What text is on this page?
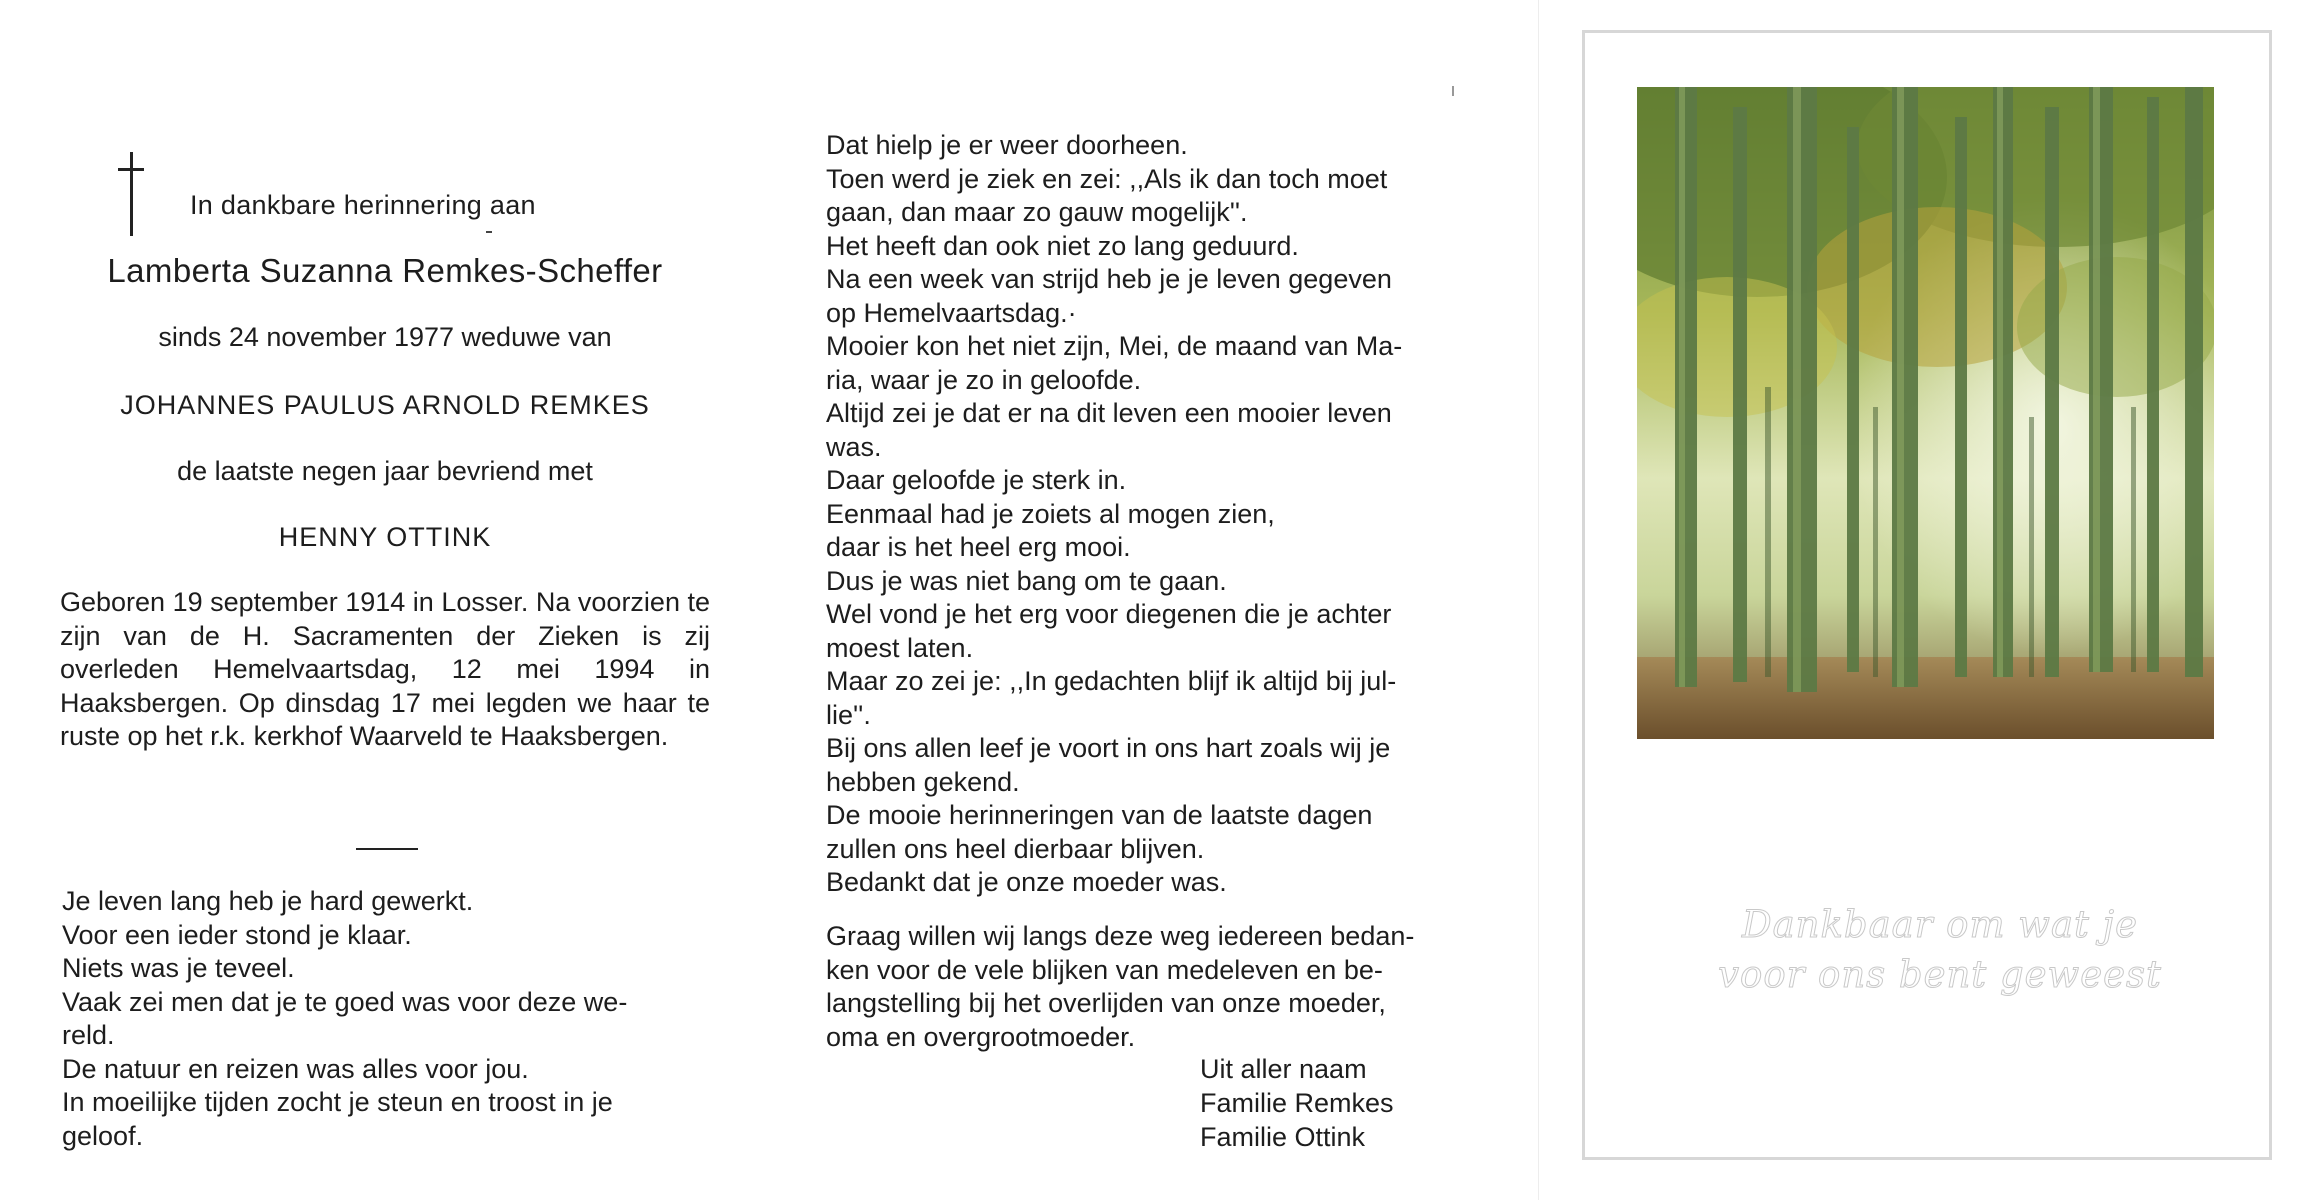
In dankbare herinnering aan
Lamberta Suzanna Remkes-Scheffer
sinds 24 november 1977 weduwe van
JOHANNES PAULUS ARNOLD REMKES
de laatste negen jaar bevriend met
HENNY OTTINK
Geboren 19 september 1914 in Losser. Na voorzien te zijn van de H. Sacramenten der Zieken is zij overleden Hemelvaartsdag, 12 mei 1994 in Haaksbergen. Op dinsdag 17 mei legden we haar te ruste op het r.k. kerkhof Waarveld te Haaksbergen.
Je leven lang heb je hard gewerkt.
Voor een ieder stond je klaar.
Niets was je teveel.
Vaak zei men dat je te goed was voor deze we-
reld.
De natuur en reizen was alles voor jou.
In moeilijke tijden zocht je steun en troost in je
geloof.
Dat hielp je er weer doorheen.
Toen werd je ziek en zei: ,,Als ik dan toch moet
gaan, dan maar zo gauw mogelijk''.
Het heeft dan ook niet zo lang geduurd.
Na een week van strijd heb je je leven gegeven
op Hemelvaartsdag.·
Mooier kon het niet zijn, Mei, de maand van Ma-
ria, waar je zo in geloofde.
Altijd zei je dat er na dit leven een mooier leven
was.
Daar geloofde je sterk in.
Eenmaal had je zoiets al mogen zien,
daar is het heel erg mooi.
Dus je was niet bang om te gaan.
Wel vond je het erg voor diegenen die je achter
moest laten.
Maar zo zei je: ,,In gedachten blijf ik altijd bij jul-
lie''.
Bij ons allen leef je voort in ons hart zoals wij je
hebben gekend.
De mooie herinneringen van de laatste dagen
zullen ons heel dierbaar blijven.
Bedankt dat je onze moeder was.
Graag willen wij langs deze weg iedereen bedan-
ken voor de vele blijken van medeleven en be-
langstelling bij het overlijden van onze moeder,
oma en overgrootmoeder.
Uit aller naam
Familie Remkes
Familie Ottink
Dankbaar om wat je
voor ons bent geweest
